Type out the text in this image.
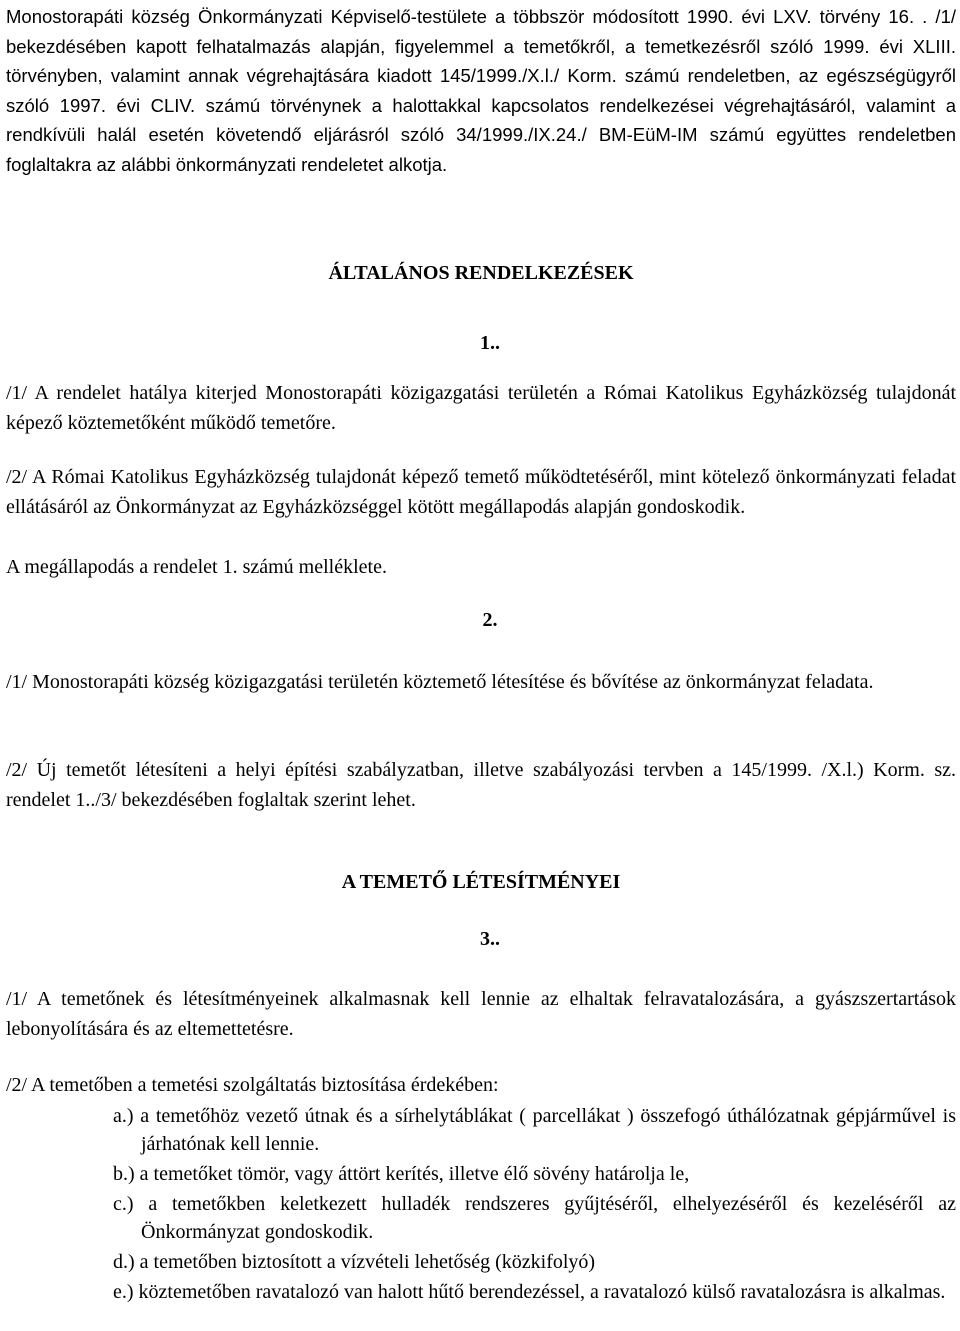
Monostorapáti község Önkormányzati Képviselő-testülete a többször módosított 1990. évi LXV. törvény 16. . /1/ bekezdésében kapott felhatalmazás alapján, figyelemmel a temetőkről, a temetkezésről szóló 1999. évi XLIII. törvényben, valamint annak végrehajtására kiadott 145/1999./X.l./ Korm. számú rendeletben, az egészségügyről szóló 1997. évi CLIV. számú törvénynek a halottakkal kapcsolatos rendelkezései végrehajtásáról, valamint a rendkívüli halál esetén követendő eljárásról szóló 34/1999./IX.24./ BM-EüM-IM számú együttes rendeletben foglaltakra az alábbi önkormányzati rendeletet alkotja.

ÁLTALÁNOS RENDELKEZÉSEK

1..

/1/ A rendelet hatálya kiterjed Monostorapáti közigazgatási területén a Római Katolikus Egyházközség tulajdonát képező köztemetőként működő temetőre.

/2/ A Római Katolikus Egyházközség tulajdonát képező temető működtetéséről, mint kötelező önkormányzati feladat ellátásáról az Önkormányzat az Egyházközséggel kötött megállapodás alapján gondoskodik.

A megállapodás a rendelet 1. számú melléklete.

2.

/1/ Monostorapáti község közigazgatási területén köztemető létesítése és bővítése az önkormányzat feladata.

/2/ Új temetőt létesíteni a helyi építési szabályzatban, illetve szabályozási tervben a 145/1999. /X.l.) Korm. sz. rendelet 1../3/ bekezdésében foglaltak szerint lehet.

A TEMETŐ LÉTESÍTMÉNYEI

3..

/1/ A temetőnek és létesítményeinek alkalmasnak kell lennie az elhaltak felravatalozására, a gyászszertartások lebonyolítására és az eltemettetésre.

/2/ A temetőben a temetési szolgáltatás biztosítása érdekében:

a.) a temetőhöz vezető útnak és a sírhelytáblákat ( parcellákat ) összefogó úthálózatnak gépjárművel is járhatónak kell lennie.
b.) a temetőket tömör, vagy áttört kerítés, illetve élő sövény határolja le,
c.) a temetőkben keletkezett hulladék rendszeres gyűjtéséről, elhelyezéséről és kezeléséről az Önkormányzat gondoskodik.
d.) a temetőben biztosított a vízvételi lehetőség (közkifolyó)
e.) köztemetőben ravatalozó van halott hűtő berendezéssel, a ravatalozó külső ravatalozásra is alkalmas.
